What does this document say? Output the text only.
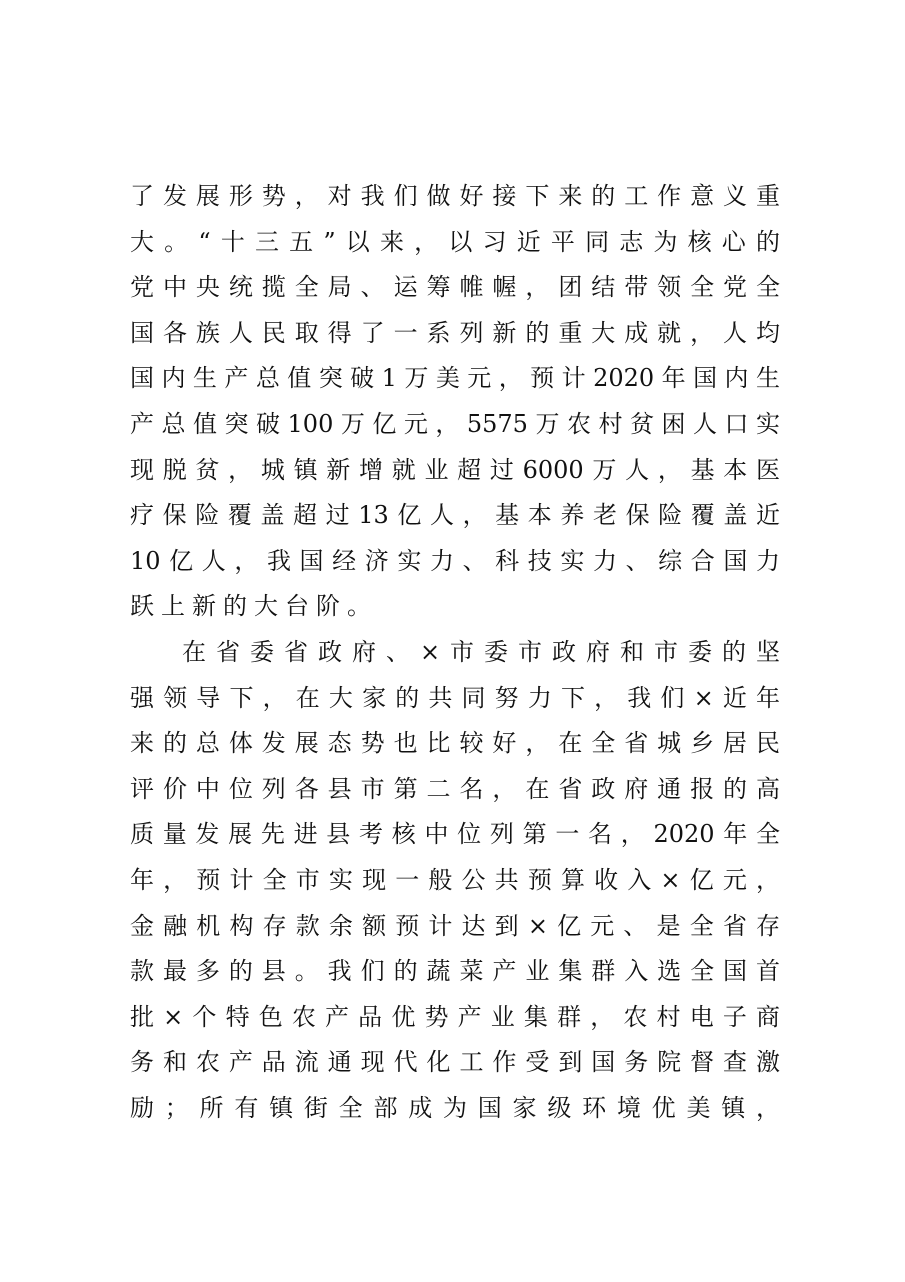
了发展形势，对我们做好接下来的工作意义重
大。“十三五”以来，以习近平同志为核心的
党中央统揽全局、运筹帷幄，团结带领全党全
国各族人民取得了一系列新的重大成就，人均
国内生产总值突破1万美元，预计2020年国内生
产总值突破100万亿元，5575万农村贫困人口实
现脱贫，城镇新增就业超过6000万人，基本医
疗保险覆盖超过13亿人，基本养老保险覆盖近
10亿人，我国经济实力、科技实力、综合国力
跃上新的大台阶。
在省委省政府、×市委市政府和市委的坚
强领导下，在大家的共同努力下，我们×近年
来的总体发展态势也比较好，在全省城乡居民
评价中位列各县市第二名，在省政府通报的高
质量发展先进县考核中位列第一名，2020年全
年，预计全市实现一般公共预算收入×亿元，
金融机构存款余额预计达到×亿元、是全省存
款最多的县。我们的蔬菜产业集群入选全国首
批×个特色农产品优势产业集群，农村电子商
务和农产品流通现代化工作受到国务院督查激
励；所有镇街全部成为国家级环境优美镇，
